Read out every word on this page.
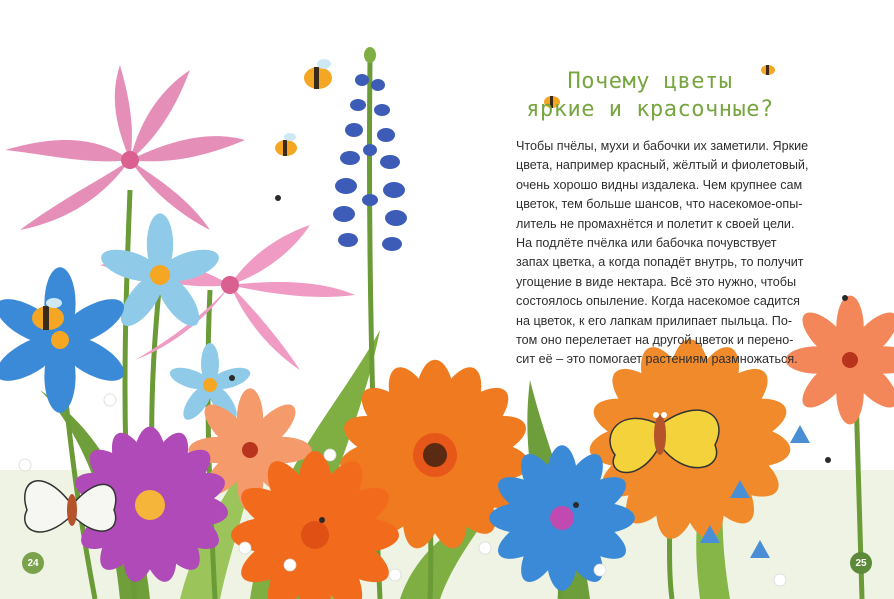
Почему цветы
яркие и красочные?
Чтобы пчёлы, мухи и бабочки их заметили. Яркие
цвета, например красный, жёлтый и фиолетовый,
очень хорошо видны издалека. Чем крупнее сам
цветок, тем больше шансов, что насекомое-опы-
литель не промахнётся и полетит к своей цели.
На подлёте пчёлка или бабочка почувствует
запах цветка, а когда попадёт внутрь, то получит
угощение в виде нектара. Всё это нужно, чтобы
состоялось опыление. Когда насекомое садится
на цветок, к его лапкам прилипает пыльца. По-
том оно перелетает на другой цветок и перено-
сит её – это помогает растениям размножаться.
24	25
